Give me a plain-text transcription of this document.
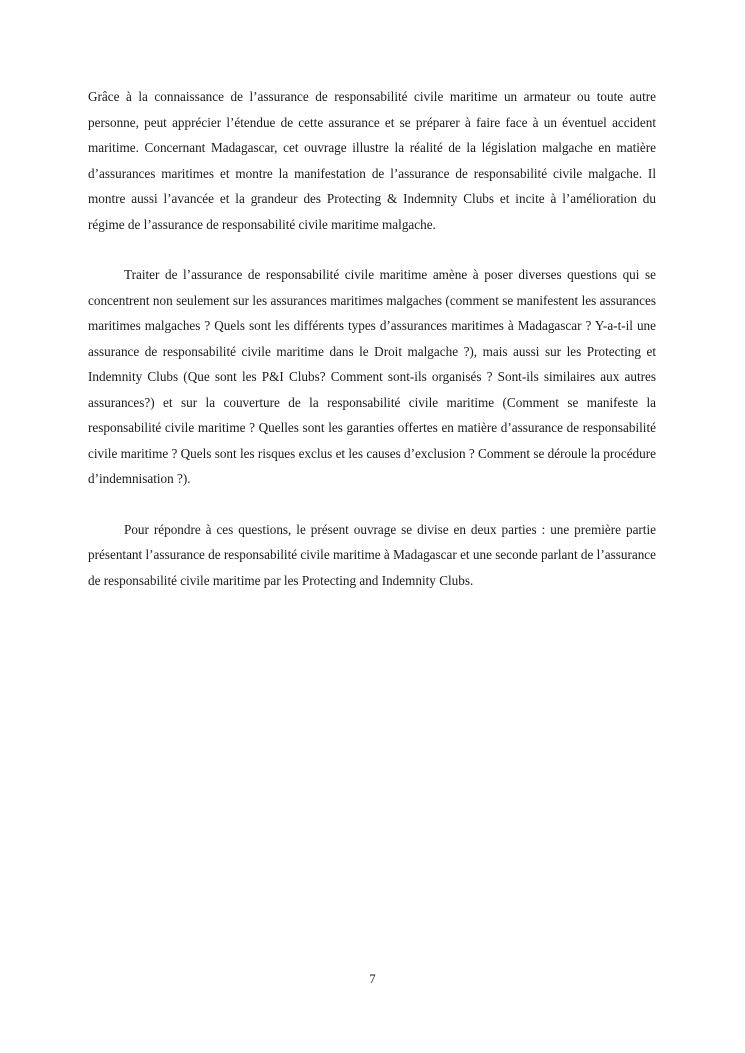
Grâce à la connaissance de l’assurance de responsabilité civile maritime un armateur ou toute autre personne, peut apprécier l’étendue de cette assurance et se préparer à faire face à un éventuel accident maritime. Concernant Madagascar, cet ouvrage illustre la réalité de la législation malgache en matière d’assurances maritimes et montre la manifestation de l’assurance de responsabilité civile malgache. Il montre aussi l’avancée et la grandeur des Protecting & Indemnity Clubs et incite à l’amélioration du régime de l’assurance de responsabilité civile maritime malgache.

Traiter de l’assurance de responsabilité civile maritime amène à poser diverses questions qui se concentrent non seulement sur les assurances maritimes malgaches (comment se manifestent les assurances maritimes malgaches ? Quels sont les différents types d’assurances maritimes à Madagascar ? Y-a-t-il une assurance de responsabilité civile maritime dans le Droit malgache ?), mais aussi sur les Protecting et Indemnity Clubs (Que sont les P&I Clubs? Comment sont-ils organisés ? Sont-ils similaires aux autres assurances?) et sur la couverture de la responsabilité civile maritime (Comment se manifeste la responsabilité civile maritime ? Quelles sont les garanties offertes en matière d’assurance de responsabilité civile maritime ? Quels sont les risques exclus et les causes d’exclusion ? Comment se déroule la procédure d’indemnisation ?).

Pour répondre à ces questions, le présent ouvrage se divise en deux parties : une première partie présentant l’assurance de responsabilité civile maritime à Madagascar et une seconde parlant de l’assurance de responsabilité civile maritime par les Protecting and Indemnity Clubs.

7
